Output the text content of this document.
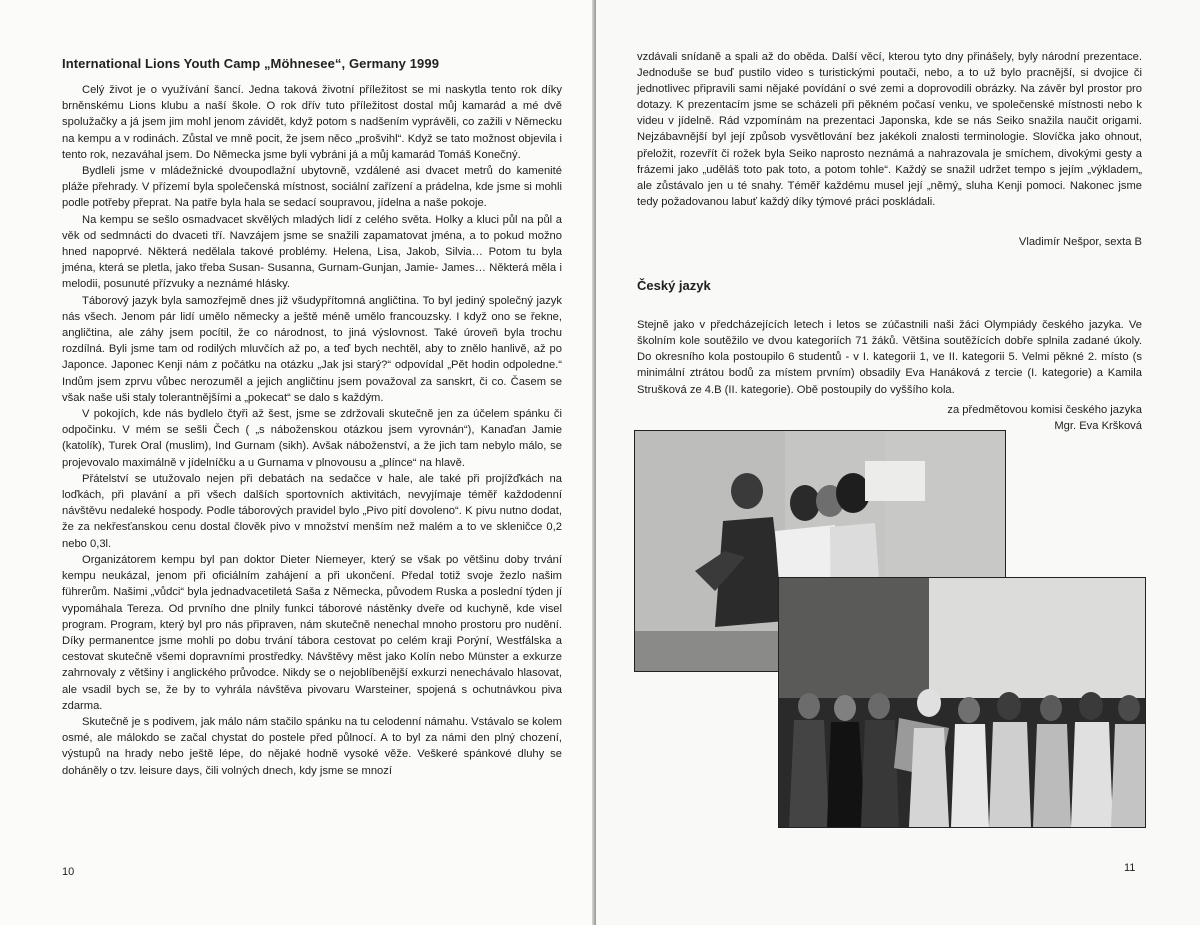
International Lions Youth Camp „Möhnesee“, Germany 1999

Celý život je o využívání šancí. Jedna taková životní příležitost se mi naskytla tento rok díky brněnskému Lions klubu a naší škole. O rok dřív tuto příležitost dostal můj kamarád a mé dvě spolužačky a já jsem jim mohl jenom závidět, když potom s nadšením vyprávěli, co zažili v Německu na kempu a v rodinách. Zůstal ve mně pocit, že jsem něco „prošvihl“. Když se tato možnost objevila i tento rok, nezaváhal jsem. Do Německa jsme byli vybráni já a můj kamarád Tomáš Konečný.

Bydleli jsme v mládežnické dvoupodlažní ubytovně, vzdálené asi dvacet metrů do kamenité pláže přehrady. V přízemí byla společenská místnost, sociální zařízení a prádelna, kde jsme si mohli podle potřeby přeprat. Na patře byla hala se sedací soupravou, jídelna a naše pokoje.

Na kempu se sešlo osmadvacet skvělých mladých lidí z celého světa. Holky a kluci půl na půl a věk od sedmnácti do dvaceti tří. Navzájem jsme se snažili zapamatovat jména, a to pokud možno hned napoprvé. Některá nedělala takové problémy. Helena, Lisa, Jakob, Silvia… Potom tu byla jména, která se pletla, jako třeba Susan- Susanna, Gurnam-Gunjan, Jamie- James… Některá měla i melodii, posunuté přízvuky a neznámé hlásky.

Táborový jazyk byla samozřejmě dnes již všudypřítomná angličtina. To byl jediný společný jazyk nás všech. Jenom pár lidí umělo německy a ještě méně umělo francouzsky. I když ono se řekne, angličtina, ale záhy jsem pocítil, že co národnost, to jiná výslovnost. Také úroveň byla trochu rozdílná. Byli jsme tam od rodilých mluvčích až po, a teď bych nechtěl, aby to znělo hanlivě, až po Japonce. Japonec Kenji nám z počátku na otázku „Jak jsi starý?“ odpovídal „Pět hodin odpoledne.“ Indům jsem zprvu vůbec nerozuměl a jejich angličtinu jsem považoval za sanskrt, či co. Časem se však naše uši staly tolerantnějšími a „pokecat“ se dalo s každým.

V pokojích, kde nás bydlelo čtyři až šest, jsme se zdržovali skutečně jen za účelem spánku či odpočinku. V mém se sešli Čech ( „s náboženskou otázkou jsem vyrovnán“), Kanaďan Jamie (katolík), Turek Oral (muslim), Ind Gurnam (sikh). Avšak náboženství, a že jich tam nebylo málo, se projevovalo maximálně v jídelníčku a u Gurnama v plnovousu a „plínce“ na hlavě.

Přátelství se utužovalo nejen při debatách na sedačce v hale, ale také při projížďkách na loďkách, při plavání a při všech dalších sportovních aktivitách, nevyjímaje téměř každodenní návštěvu nedaleké hospody. Podle táborových pravidel bylo „Pivo pití dovoleno“. K pivu nutno dodat, že za nekřesťanskou cenu dostal člověk pivo v množství menším než malém a to ve skleničce 0,2 nebo 0,3l.

Organizátorem kempu byl pan doktor Dieter Niemeyer, který se však po většinu doby trvání kempu neukázal, jenom při oficiálním zahájení a při ukončení. Předal totiž svoje žezlo našim führerům. Našimi „vůdci“ byla jednadvacetiletá Saša z Německa, původem Ruska a poslední týden jí vypomáhala Tereza. Od prvního dne plnily funkci táborové nástěnky dveře od kuchyně, kde visel program. Program, který byl pro nás připraven, nám skutečně nenechal mnoho prostoru pro nudění. Díky permanentce jsme mohli po dobu trvání tábora cestovat po celém kraji Porýní, Westfálska a cestovat skutečně všemi dopravními prostředky. Návštěvy měst jako Kolín nebo Münster a exkurze zahrnovaly z většiny i anglického průvodce. Nikdy se o nejoblíbenější exkurzi nenechávalo hlasovat, ale vsadil bych se, že by to vyhrála návštěva pivovaru Warsteiner, spojená s ochutnávkou piva zdarma.

Skutečně je s podivem, jak málo nám stačilo spánku na tu celodenní námahu. Vstávalo se kolem osmé, ale málokdo se začal chystat do postele před půlnocí. A to byl za námi den plný chození, výstupů na hrady nebo ještě lépe, do nějaké hodně vysoké věže. Veškeré spánkové dluhy se doháněly o tzv. leisure days, čili volných dnech, kdy jsme se mnozí

10

vzdávali snídaně a spali až do oběda. Další věcí, kterou tyto dny přinášely, byly národní prezentace. Jednoduše se buď pustilo video s turistickými poutači, nebo, a to už bylo pracnější, si dvojice či jednotlivec připravili sami nějaké povídání o své zemi a doprovodili obrázky. Na závěr byl prostor pro dotazy. K prezentacím jsme se scházeli při pěkném počasí venku, ve společenské místnosti nebo k videu v jídelně. Rád vzpomínám na prezentaci Japonska, kde se nás Seiko snažila naučit origami. Nejzábavnější byl její způsob vysvětlování bez jakékoli znalosti terminologie. Slovíčka jako ohnout, přeložit, rozevřít či rožek byla Seiko naprosto neznámá a nahrazovala je smíchem, divokými gesty a frázemi jako „uděláš toto pak toto, a potom tohle“. Každý se snažil udržet tempo s jejím „výkladem„ ale zůstávalo jen u té snahy. Téměř každému musel její „němý„ sluha Kenji pomoci. Nakonec jsme tedy požadovanou labuť každý díky týmové práci poskládali.

Vladimír Nešpor, sexta B
Český jazyk

Stejně jako v předcházejících letech i letos se zúčastnili naši žáci Olympiády českého jazyka. Ve školním kole soutěžilo ve dvou kategoriích 71 žáků. Většina soutěžících dobře splnila zadané úkoly. Do okresního kola postoupilo 6 studentů - v I. kategorii 1, ve II. kategorii 5. Velmi pěkné 2. místo (s minimální ztrátou bodů za místem prvním) obsadily Eva Hanáková z tercie (I. kategorie) a Kamila Strušková ze 4.B (II. kategorie). Obě postoupily do vyššího kola.

za předmětovou komisi českého jazyka
Mgr. Eva Kršková
11
